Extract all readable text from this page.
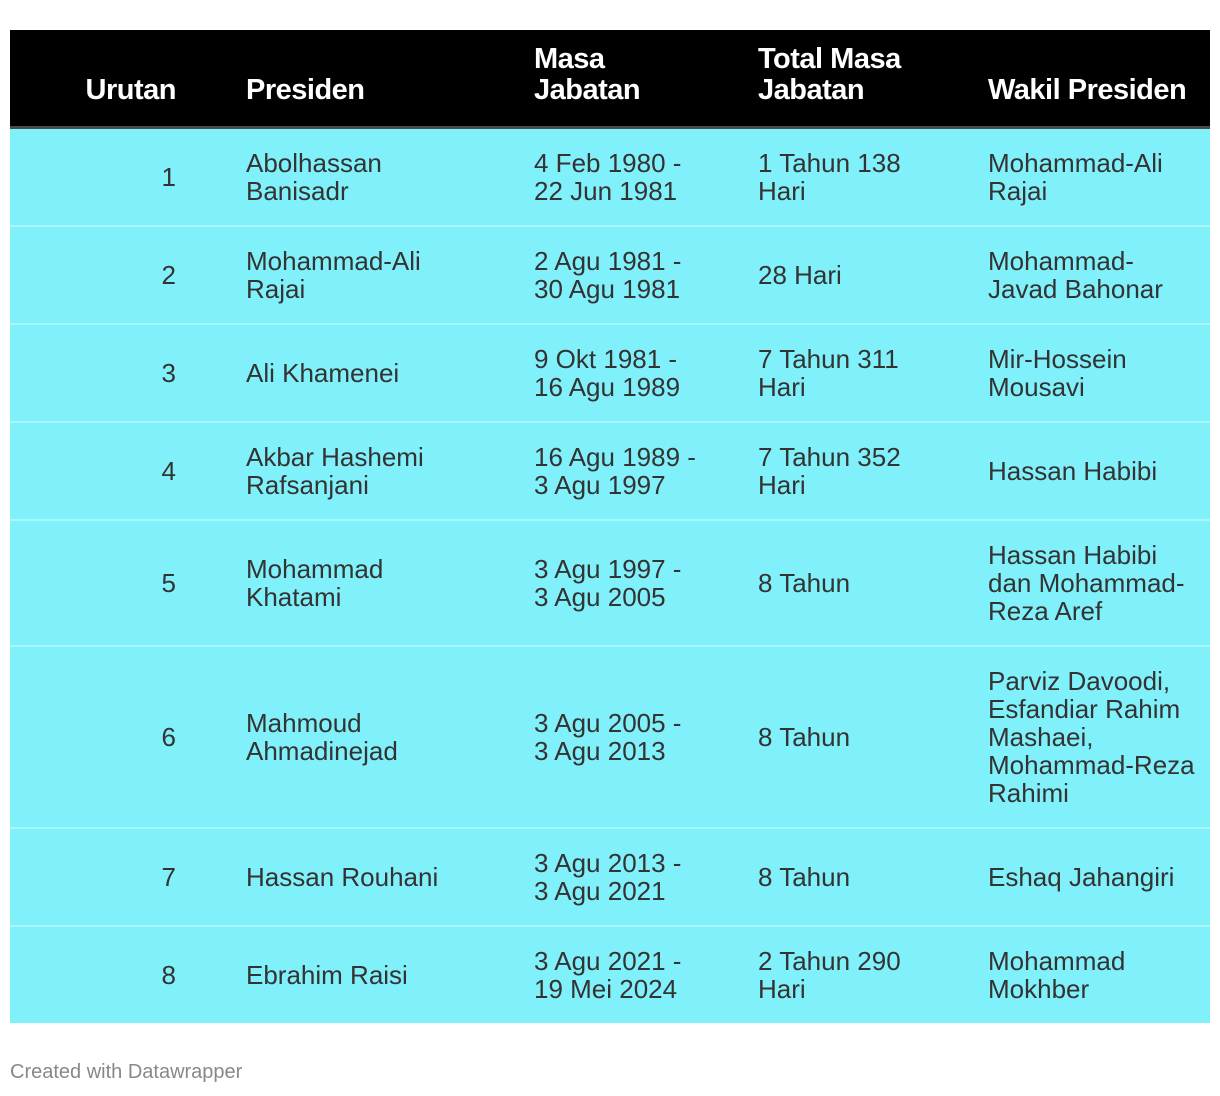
Urutan	Presiden	Masa Jabatan	Total Masa Jabatan	Wakil Presiden
1	Abolhassan Banisadr	4 Feb 1980 - 22 Jun 1981	1 Tahun 138 Hari	Mohammad-Ali Rajai
2	Mohammad-Ali Rajai	2 Agu 1981 - 30 Agu 1981	28 Hari	Mohammad-Javad Bahonar
3	Ali Khamenei	9 Okt 1981 - 16 Agu 1989	7 Tahun 311 Hari	Mir-Hossein Mousavi
4	Akbar Hashemi Rafsanjani	16 Agu 1989 - 3 Agu 1997	7 Tahun 352 Hari	Hassan Habibi
5	Mohammad Khatami	3 Agu 1997 - 3 Agu 2005	8 Tahun	Hassan Habibi dan Mohammad-Reza Aref
6	Mahmoud Ahmadinejad	3 Agu 2005 - 3 Agu 2013	8 Tahun	Parviz Davoodi, Esfandiar Rahim Mashaei, Mohammad-Reza Rahimi
7	Hassan Rouhani	3 Agu 2013 - 3 Agu 2021	8 Tahun	Eshaq Jahangiri
8	Ebrahim Raisi	3 Agu 2021 - 19 Mei 2024	2 Tahun 290 Hari	Mohammad Mokhber
Created with Datawrapper
